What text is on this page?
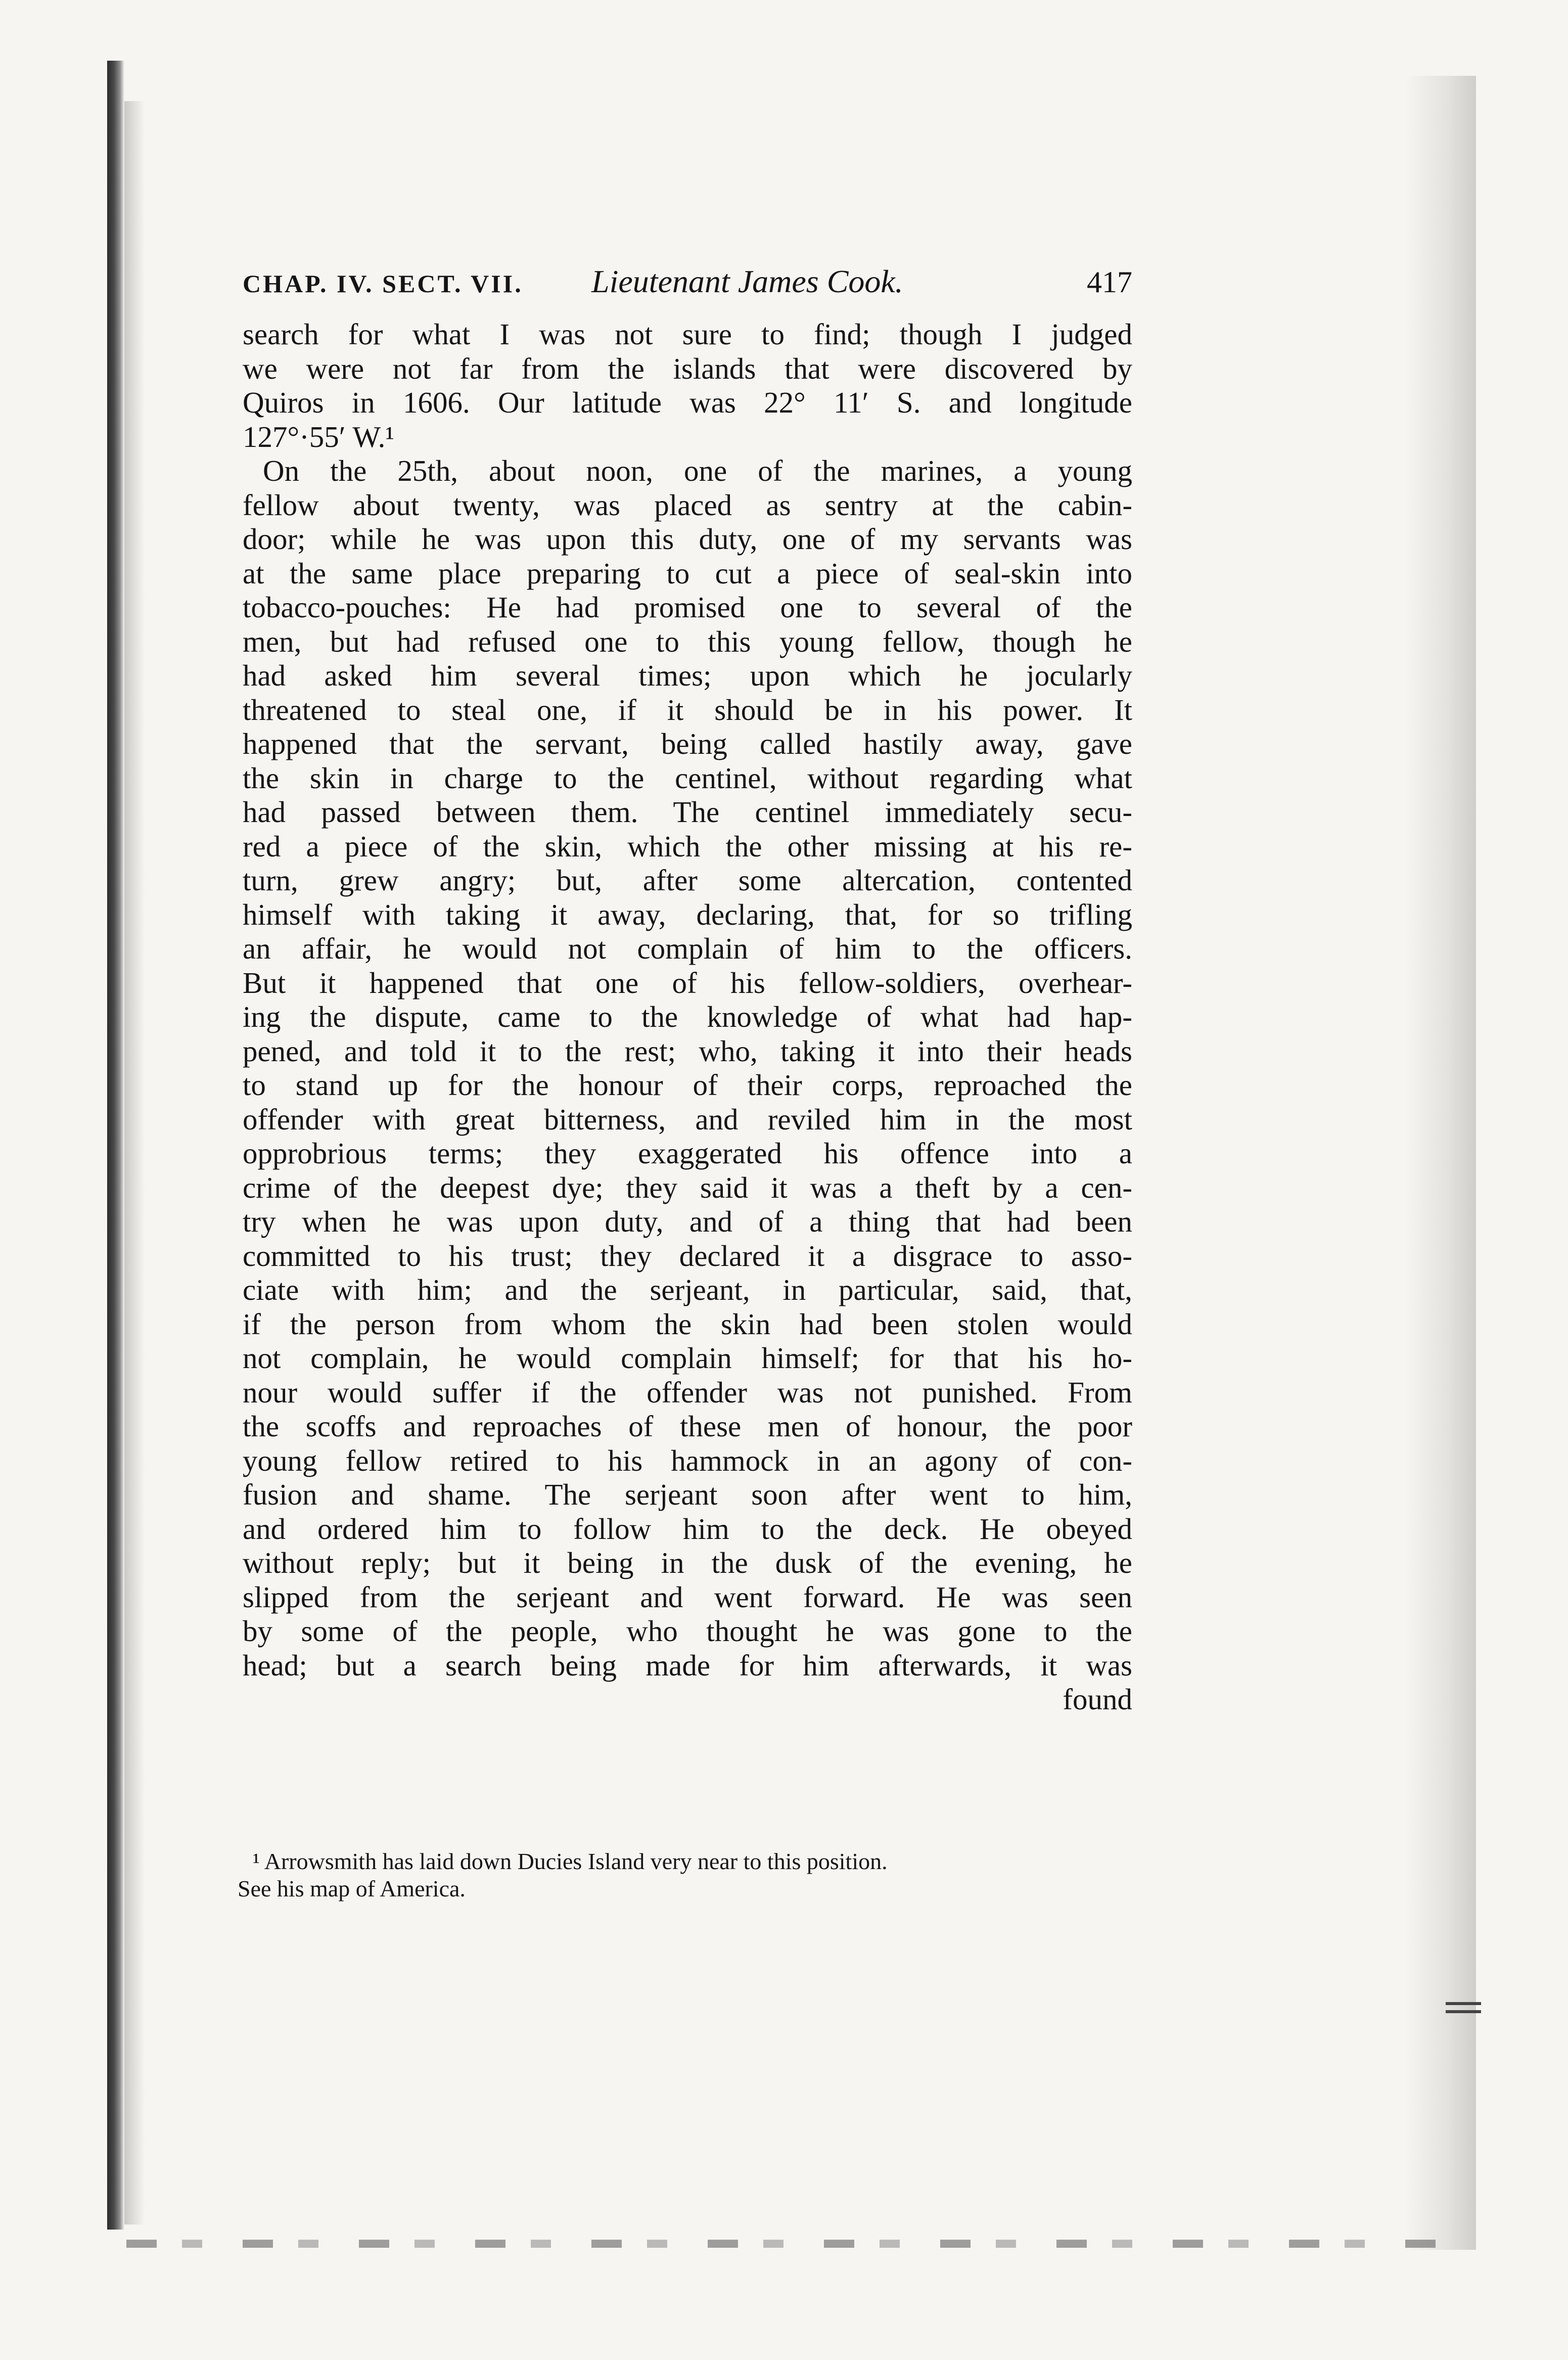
CHAP. IV. SECT. VII. Lieutenant James Cook.	417
search for what I was not sure to find; though I judged
we were not far from the islands that were discovered by
Quiros in 1606. Our latitude was 22° 11′ S. and longitude
127°·55′ W.¹
On the 25th, about noon, one of the marines, a young
fellow about twenty, was placed as sentry at the cabin-
door; while he was upon this duty, one of my servants was
at the same place preparing to cut a piece of seal-skin into
tobacco-pouches: He had promised one to several of the
men, but had refused one to this young fellow, though he
had asked him several times; upon which he jocularly
threatened to steal one, if it should be in his power. It
happened that the servant, being called hastily away, gave
the skin in charge to the centinel, without regarding what
had passed between them. The centinel immediately secu-
red a piece of the skin, which the other missing at his re-
turn, grew angry; but, after some altercation, contented
himself with taking it away, declaring, that, for so trifling
an affair, he would not complain of him to the officers.
But it happened that one of his fellow-soldiers, overhear-
ing the dispute, came to the knowledge of what had hap-
pened, and told it to the rest; who, taking it into their heads
to stand up for the honour of their corps, reproached the
offender with great bitterness, and reviled him in the most
opprobrious terms; they exaggerated his offence into a
crime of the deepest dye; they said it was a theft by a cen-
try when he was upon duty, and of a thing that had been
committed to his trust; they declared it a disgrace to asso-
ciate with him; and the serjeant, in particular, said, that,
if the person from whom the skin had been stolen would
not complain, he would complain himself; for that his ho-
nour would suffer if the offender was not punished. From
the scoffs and reproaches of these men of honour, the poor
young fellow retired to his hammock in an agony of con-
fusion and shame. The serjeant soon after went to him,
and ordered him to follow him to the deck. He obeyed
without reply; but it being in the dusk of the evening, he
slipped from the serjeant and went forward. He was seen
by some of the people, who thought he was gone to the
head; but a search being made for him afterwards, it was
found
¹ Arrowsmith has laid down Ducies Island very near to this position.
See his map of America.
